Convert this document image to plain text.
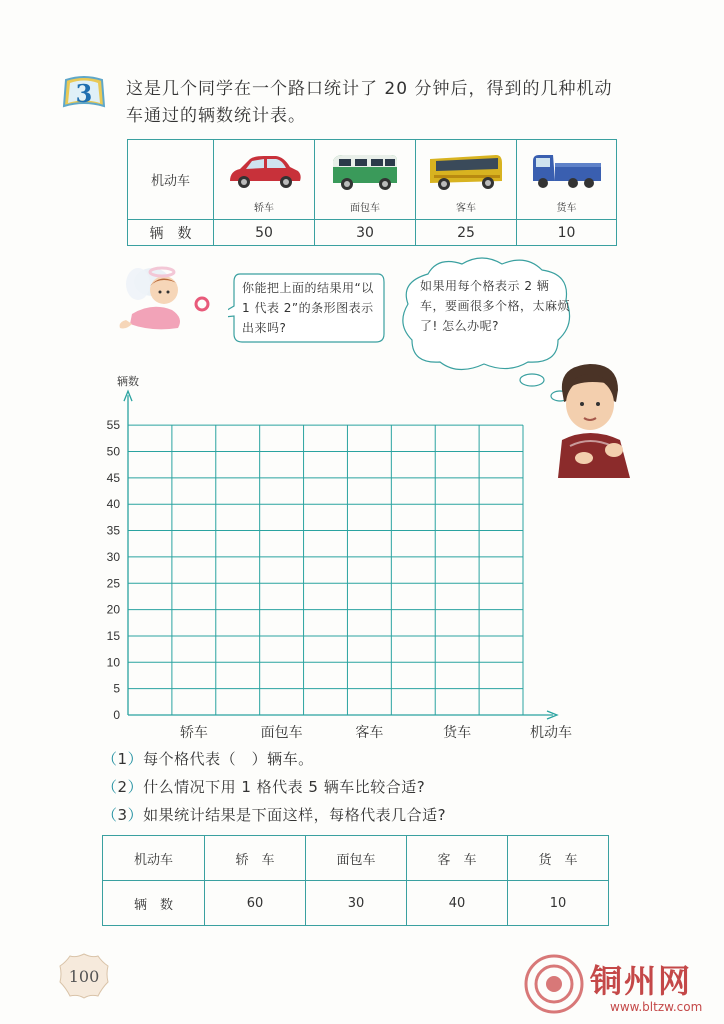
3	这是几个同学在一个路口统计了 20 分钟后，得到的几种机动车通过的辆数统计表。
机动车	轿车	面包车	客车	货车

辆　数	50	30	25	10
你能把上面的结果用“以 1 代表 2”的条形图表示出来吗?
如果用每个格表示 2 辆车，要画很多个格，太麻烦了! 怎么办呢?
0
5
10
15
20
25
30
35
40
45
50
55
辆数
轿车	面包车	客车	货车	机动车
（1）每个格代表（　）辆车。
（2）什么情况下用 1 格代表 5 辆车比较合适?
（3）如果统计结果是下面这样，每格代表几合适?
机动车	轿　车	面包车	客　车	货　车
辆　数	60	30	40	10
100	铜州网
www.bltzw.com
